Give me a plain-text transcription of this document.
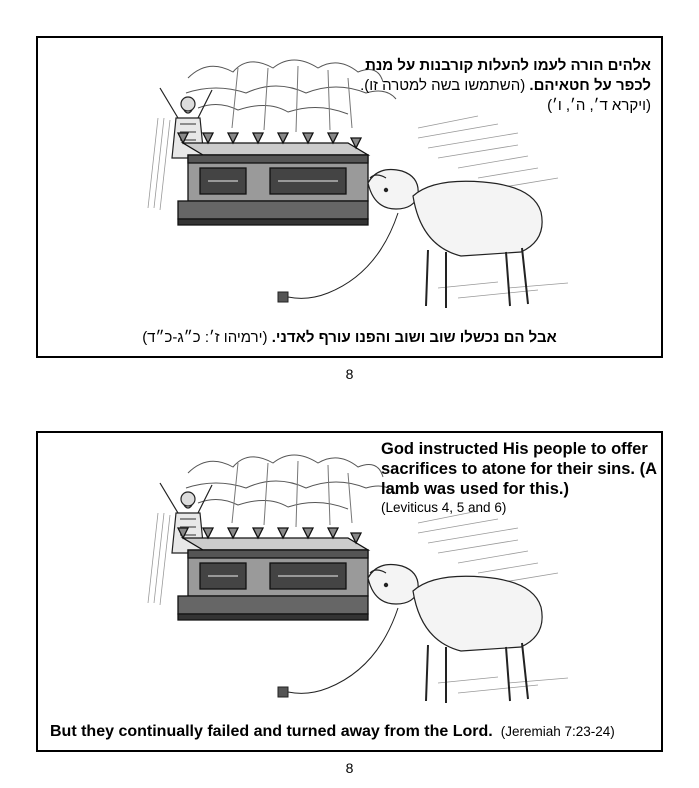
אלהים הורה לעמו להעלות קורבנות על מנת לכפר על חטאיהם. (השתמשו בשה למטרה זו). (ויקרא ד׳, ה׳, ו׳)
אבל הם נכשלו שוב ושוב והפנו עורף לאדני. (ירמיהו ז׳: כ״ג-כ״ד)
8
God instructed His people to offer sacrifices to atone for their sins. (A lamb was used for this.)
(Leviticus 4, 5 and 6)
But they continually failed and turned away from the Lord. (Jeremiah 7:23-24)
8
